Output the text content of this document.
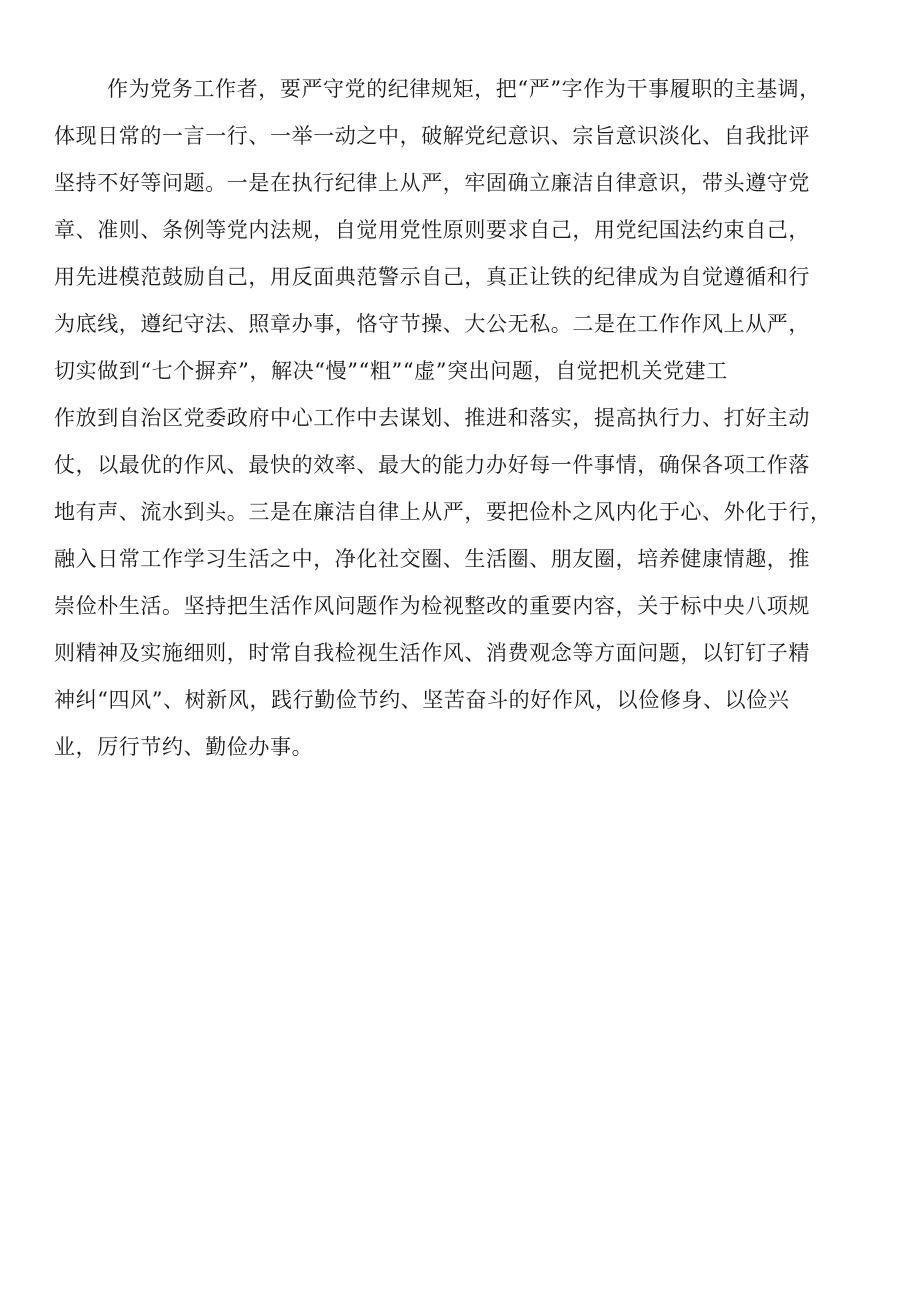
作为党务工作者，要严守党的纪律规矩，把“严”字作为干事履职的主基调，
体现日常的一言一行、一举一动之中，破解党纪意识、宗旨意识淡化、自我批评
坚持不好等问题。一是在执行纪律上从严，牢固确立廉洁自律意识，带头遵守党
章、准则、条例等党内法规，自觉用党性原则要求自己，用党纪国法约束自己，
用先进模范鼓励自己，用反面典范警示自己，真正让铁的纪律成为自觉遵循和行
为底线，遵纪守法、照章办事，恪守节操、大公无私。二是在工作作风上从严，
切实做到“七个摒弃”，解决“慢”“粗”“虚”突出问题，自觉把机关党建工
作放到自治区党委政府中心工作中去谋划、推进和落实，提高执行力、打好主动
仗，以最优的作风、最快的效率、最大的能力办好每一件事情，确保各项工作落
地有声、流水到头。三是在廉洁自律上从严，要把俭朴之风内化于心、外化于行，
融入日常工作学习生活之中，净化社交圈、生活圈、朋友圈，培养健康情趣，推
崇俭朴生活。坚持把生活作风问题作为检视整改的重要内容，关于标中央八项规
则精神及实施细则，时常自我检视生活作风、消费观念等方面问题，以钉钉子精
神纠“四风”、树新风，践行勤俭节约、坚苦奋斗的好作风，以俭修身、以俭兴
业，厉行节约、勤俭办事。
